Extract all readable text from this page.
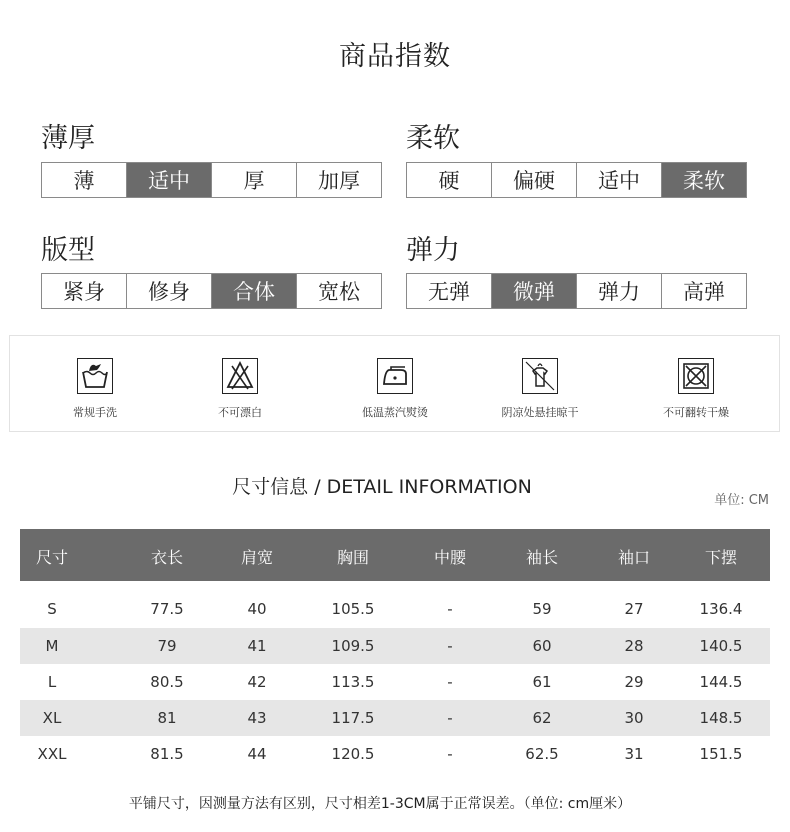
商品指数
薄厚
薄	适中	厚	加厚
柔软
硬	偏硬	适中	柔软
版型
紧身	修身	合体	宽松
弹力
无弹	微弹	弹力	高弹
常规手洗	不可漂白	低温蒸汽熨烫	阴凉处悬挂晾干	不可翻转干燥
尺寸信息 / DETAIL INFORMATION
单位: CM
尺寸	衣长	肩宽	胸围	中腰	袖长	袖口	下摆
S	77.5	40	105.5	-	59	27	136.4
M	79	41	109.5	-	60	28	140.5
L	80.5	42	113.5	-	61	29	144.5
XL	81	43	117.5	-	62	30	148.5
XXL	81.5	44	120.5	-	62.5	31	151.5
平铺尺寸，因测量方法有区别，尺寸相差1-3CM属于正常误差。（单位: cm厘米）
